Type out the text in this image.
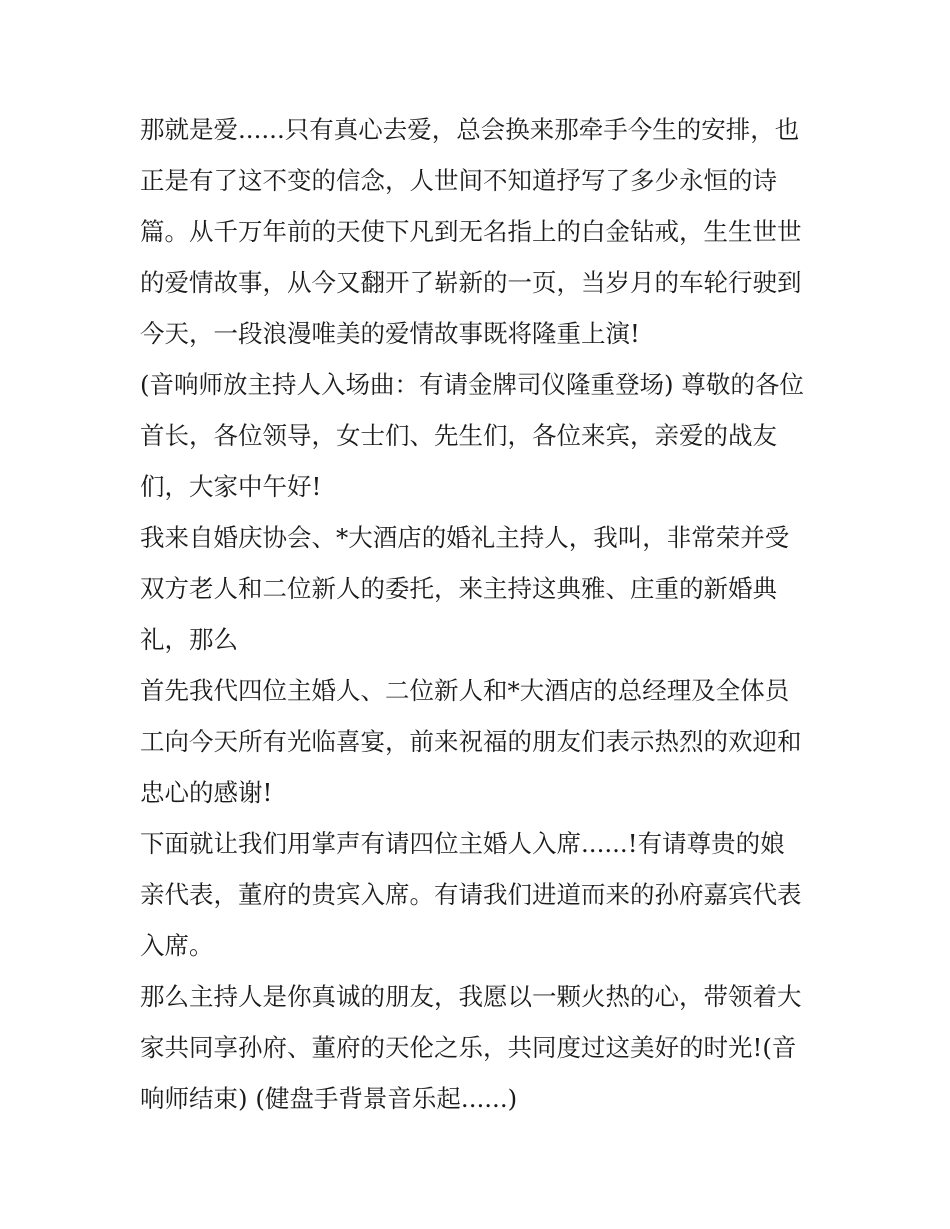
那就是爱......只有真心去爱，总会换来那牵手今生的安排，也
正是有了这不变的信念，人世间不知道抒写了多少永恒的诗
篇。从千万年前的天使下凡到无名指上的白金钻戒，生生世世
的爱情故事，从今又翻开了崭新的一页，当岁月的车轮行驶到
今天，一段浪漫唯美的爱情故事既将隆重上演!
(音响师放主持人入场曲：有请金牌司仪隆重登场) 尊敬的各位
首长，各位领导，女士们、先生们，各位来宾，亲爱的战友
们，大家中午好!
我来自婚庆协会、*大酒店的婚礼主持人，我叫，非常荣并受
双方老人和二位新人的委托，来主持这典雅、庄重的新婚典
礼，那么
首先我代四位主婚人、二位新人和*大酒店的总经理及全体员
工向今天所有光临喜宴，前来祝福的朋友们表示热烈的欢迎和
忠心的感谢!
下面就让我们用掌声有请四位主婚人入席......!有请尊贵的娘
亲代表，董府的贵宾入席。有请我们进道而来的孙府嘉宾代表
入席。
那么主持人是你真诚的朋友，我愿以一颗火热的心，带领着大
家共同享孙府、董府的天伦之乐，共同度过这美好的时光!(音
响师结束) (健盘手背景音乐起......)
